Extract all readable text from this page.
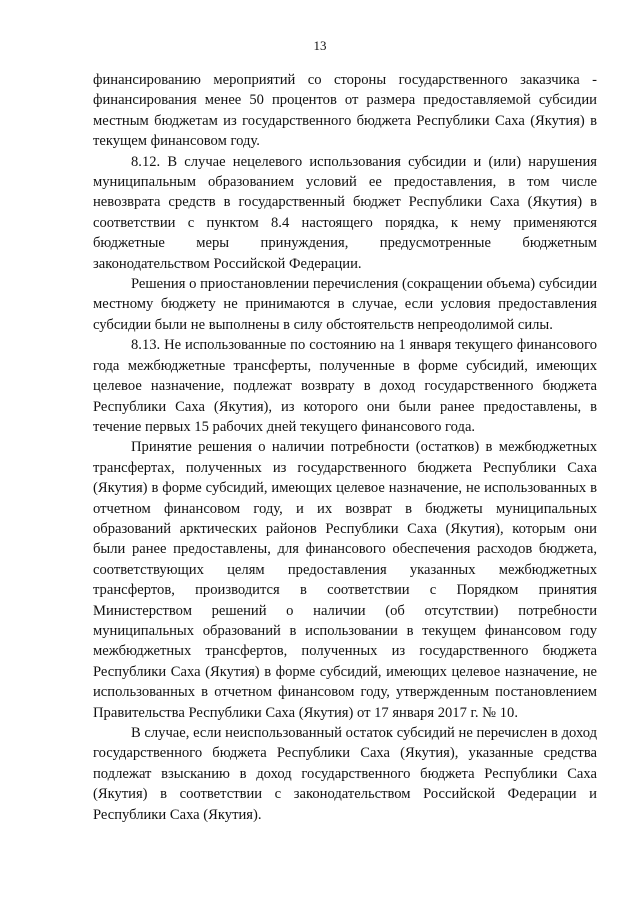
13

финансированию мероприятий со стороны государственного заказчика - финансирования менее 50 процентов от размера предоставляемой субсидии местным бюджетам из государственного бюджета Республики Саха (Якутия) в текущем финансовом году.

8.12. В случае нецелевого использования субсидии и (или) нарушения муниципальным образованием условий ее предоставления, в том числе невозврата средств в государственный бюджет Республики Саха (Якутия) в соответствии с пунктом 8.4 настоящего порядка, к нему применяются бюджетные меры принуждения, предусмотренные бюджетным законодательством Российской Федерации.

Решения о приостановлении перечисления (сокращении объема) субсидии местному бюджету не принимаются в случае, если условия предоставления субсидии были не выполнены в силу обстоятельств непреодолимой силы.

8.13. Не использованные по состоянию на 1 января текущего финансового года межбюджетные трансферты, полученные в форме субсидий, имеющих целевое назначение, подлежат возврату в доход государственного бюджета Республики Саха (Якутия), из которого они были ранее предоставлены, в течение первых 15 рабочих дней текущего финансового года.

Принятие решения о наличии потребности (остатков) в межбюджетных трансфертах, полученных из государственного бюджета Республики Саха (Якутия) в форме субсидий, имеющих целевое назначение, не использованных в отчетном финансовом году, и их возврат в бюджеты муниципальных образований арктических районов Республики Саха (Якутия), которым они были ранее предоставлены, для финансового обеспечения расходов бюджета, соответствующих целям предоставления указанных межбюджетных трансфертов, производится в соответствии с Порядком принятия Министерством решений о наличии (об отсутствии) потребности муниципальных образований в использовании в текущем финансовом году межбюджетных трансфертов, полученных из государственного бюджета Республики Саха (Якутия) в форме субсидий, имеющих целевое назначение, не использованных в отчетном финансовом году, утвержденным постановлением Правительства Республики Саха (Якутия) от 17 января 2017 г. № 10.

В случае, если неиспользованный остаток субсидий не перечислен в доход государственного бюджета Республики Саха (Якутия), указанные средства подлежат взысканию в доход государственного бюджета Республики Саха (Якутия) в соответствии с законодательством Российской Федерации и Республики Саха (Якутия).
